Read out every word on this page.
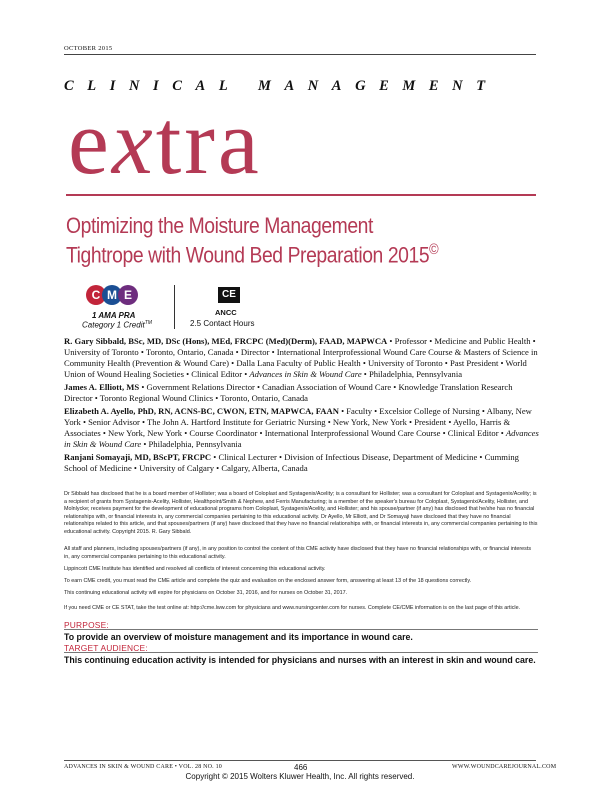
OCTOBER 2015
CLINICAL MANAGEMENT
extra
Optimizing the Moisture Management
Tightrope with Wound Bed Preparation 2015©
C M E
1 AMA PRA
Category 1 Credit™
CE
ANCC
2.5 Contact Hours

R. Gary Sibbald, BSc, MD, DSc (Hons), MEd, FRCPC (Med)(Derm), FAAD, MAPWCA • Professor • Medicine and Public Health • University of Toronto • Toronto, Ontario, Canada • Director • International Interprofessional Wound Care Course & Masters of Science in Community Health (Prevention & Wound Care) • Dalla Lana Faculty of Public Health • University of Toronto • Past President • World Union of Wound Healing Societies • Clinical Editor • Advances in Skin & Wound Care • Philadelphia, Pennsylvania

James A. Elliott, MS • Government Relations Director • Canadian Association of Wound Care • Knowledge Translation Research Director • Toronto Regional Wound Clinics • Toronto, Ontario, Canada

Elizabeth A. Ayello, PhD, RN, ACNS-BC, CWON, ETN, MAPWCA, FAAN • Faculty • Excelsior College of Nursing • Albany, New York • Senior Advisor • The John A. Hartford Institute for Geriatric Nursing • New York, New York • President • Ayello, Harris & Associates • New York, New York • Course Coordinator • International Interprofessional Wound Care Course • Clinical Editor • Advances in Skin & Wound Care • Philadelphia, Pennsylvania

Ranjani Somayaji, MD, BScPT, FRCPC • Clinical Lecturer • Division of Infectious Disease, Department of Medicine • Cumming School of Medicine • University of Calgary • Calgary, Alberta, Canada

Dr Sibbald has disclosed that he is a board member of Hollister; was a board of Coloplast and Systagenix/Acelity; is a consultant for Hollister; was a consultant for Coloplast and Systagenix/Acelity; is a recipient of grants from Systagenix-Acelity, Hollister, Healthpoint/Smith & Nephew, and Ferris Manufacturing; is a member of the speaker's bureau for Coloplast, Systagenix/Acelity, Hollister, and Molnlycke; receives payment for the development of educational programs from Coloplast, Systagenix/Acelity, and Hollister; and his spouse/partner (if any) has disclosed that he/she has no financial relationships with, or financial interests in, any commercial companies pertaining to this educational activity. Dr Ayello, Mr Elliott, and Dr Somayaji have disclosed that they have no financial relationships related to this article, and that spouses/partners (if any) have disclosed that they have no financial relationships with, or financial interests in, any commercial companies pertaining to this educational activity. Copyright 2015. R. Gary Sibbald.
All staff and planners, including spouses/partners (if any), in any position to control the content of this CME activity have disclosed that they have no financial relationships with, or financial interests in, any commercial companies pertaining to this educational activity.
Lippincott CME Institute has identified and resolved all conflicts of interest concerning this educational activity.
To earn CME credit, you must read the CME article and complete the quiz and evaluation on the enclosed answer form, answering at least 13 of the 18 questions correctly.
This continuing educational activity will expire for physicians on October 31, 2016, and for nurses on October 31, 2017.
If you need CME or CE STAT, take the test online at: http://cme.lww.com for physicians and www.nursingcenter.com for nurses. Complete CE/CME information is on the last page of this article.
PURPOSE:
To provide an overview of moisture management and its importance in wound care.
TARGET AUDIENCE:
This continuing education activity is intended for physicians and nurses with an interest in skin and wound care.
ADVANCES IN SKIN & WOUND CARE • VOL. 28 NO. 10	466	WWW.WOUNDCAREJOURNAL.COM
Copyright © 2015 Wolters Kluwer Health, Inc. All rights reserved.
